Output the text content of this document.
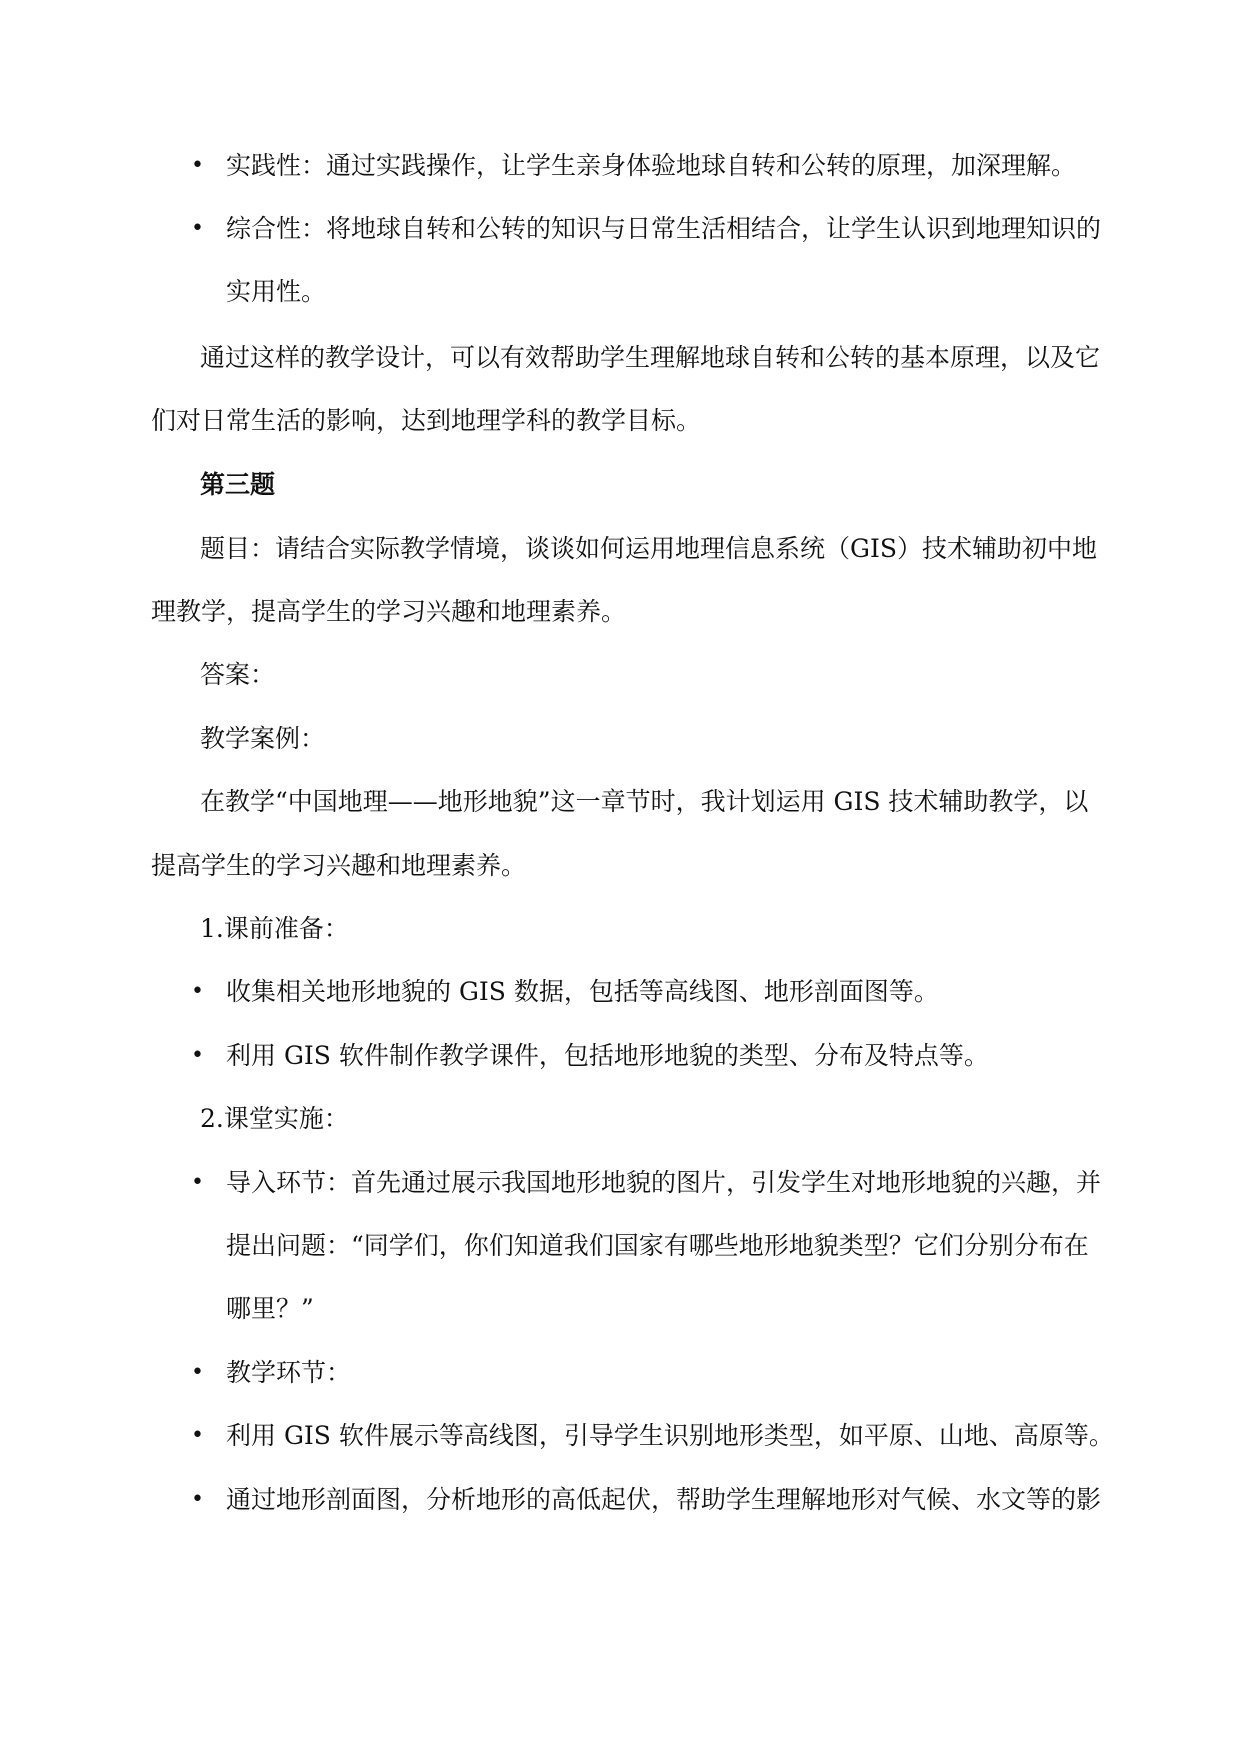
• 实践性：通过实践操作，让学生亲身体验地球自转和公转的原理，加深理解。
• 综合性：将地球自转和公转的知识与日常生活相结合，让学生认识到地理知识的
实用性。
通过这样的教学设计，可以有效帮助学生理解地球自转和公转的基本原理，以及它
们对日常生活的影响，达到地理学科的教学目标。
第三题
题目：请结合实际教学情境，谈谈如何运用地理信息系统（GIS）技术辅助初中地
理教学，提高学生的学习兴趣和地理素养。
答案：
教学案例：
在教学“中国地理——地形地貌”这一章节时，我计划运用 GIS 技术辅助教学，以
提高学生的学习兴趣和地理素养。
1.课前准备：
• 收集相关地形地貌的 GIS 数据，包括等高线图、地形剖面图等。
• 利用 GIS 软件制作教学课件，包括地形地貌的类型、分布及特点等。
2.课堂实施：
• 导入环节：首先通过展示我国地形地貌的图片，引发学生对地形地貌的兴趣，并
提出问题：“同学们，你们知道我们国家有哪些地形地貌类型？它们分别分布在
哪里？”
• 教学环节：
• 利用 GIS 软件展示等高线图，引导学生识别地形类型，如平原、山地、高原等。
• 通过地形剖面图，分析地形的高低起伏，帮助学生理解地形对气候、水文等的影
